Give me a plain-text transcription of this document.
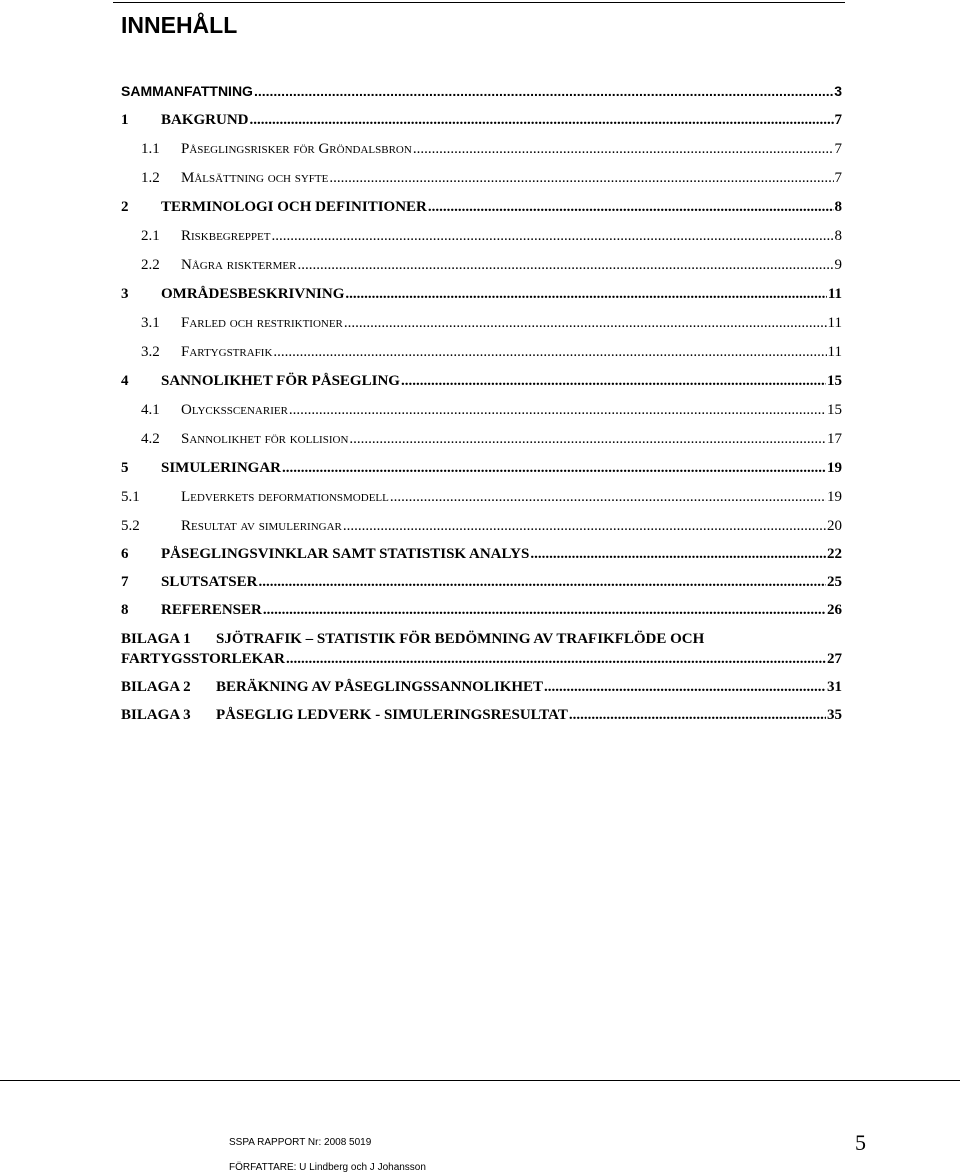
INNEHÅLL
SAMMANFATTNING .....	3
1	BAKGRUND .....	7
1.1	Påseglingsrisker för Gröndalsbron .....	7
1.2	Målsättning och syfte .....	7
2	TERMINOLOGI OCH DEFINITIONER .....	8
2.1	Riskbegreppet .....	8
2.2	Några risktermer .....	9
3	OMRÅDESBESKRIVNING .....	11
3.1	Farled och restriktioner .....	11
3.2	Fartygstrafik .....	11
4	SANNOLIKHET FÖR PÅSEGLING .....	15
4.1	Olycksscenarier .....	15
4.2	Sannolikhet för kollision .....	17
5	SIMULERINGAR .....	19
5.1	Ledverkets deformationsmodell .....	19
5.2	Resultat av simuleringar .....	20
6	PÅSEGLINGSVINKLAR SAMT STATISTISK ANALYS .....	22
7	SLUTSATSER .....	25
8	REFERENSER .....	26
BILAGA 1	SJÖTRAFIK – STATISTIK FÖR BEDÖMNING AV TRAFIKFLÖDE OCH
FARTYGSSTORLEKAR .....	27
BILAGA 2	BERÄKNING AV PÅSEGLINGSSANNOLIKHET .....	31
BILAGA 3	PÅSEGLIG LEDVERK - SIMULERINGSRESULTAT .....	35
SSPA RAPPORT Nr: 2008 5019
FÖRFATTARE: U Lindberg och J Johansson
5
